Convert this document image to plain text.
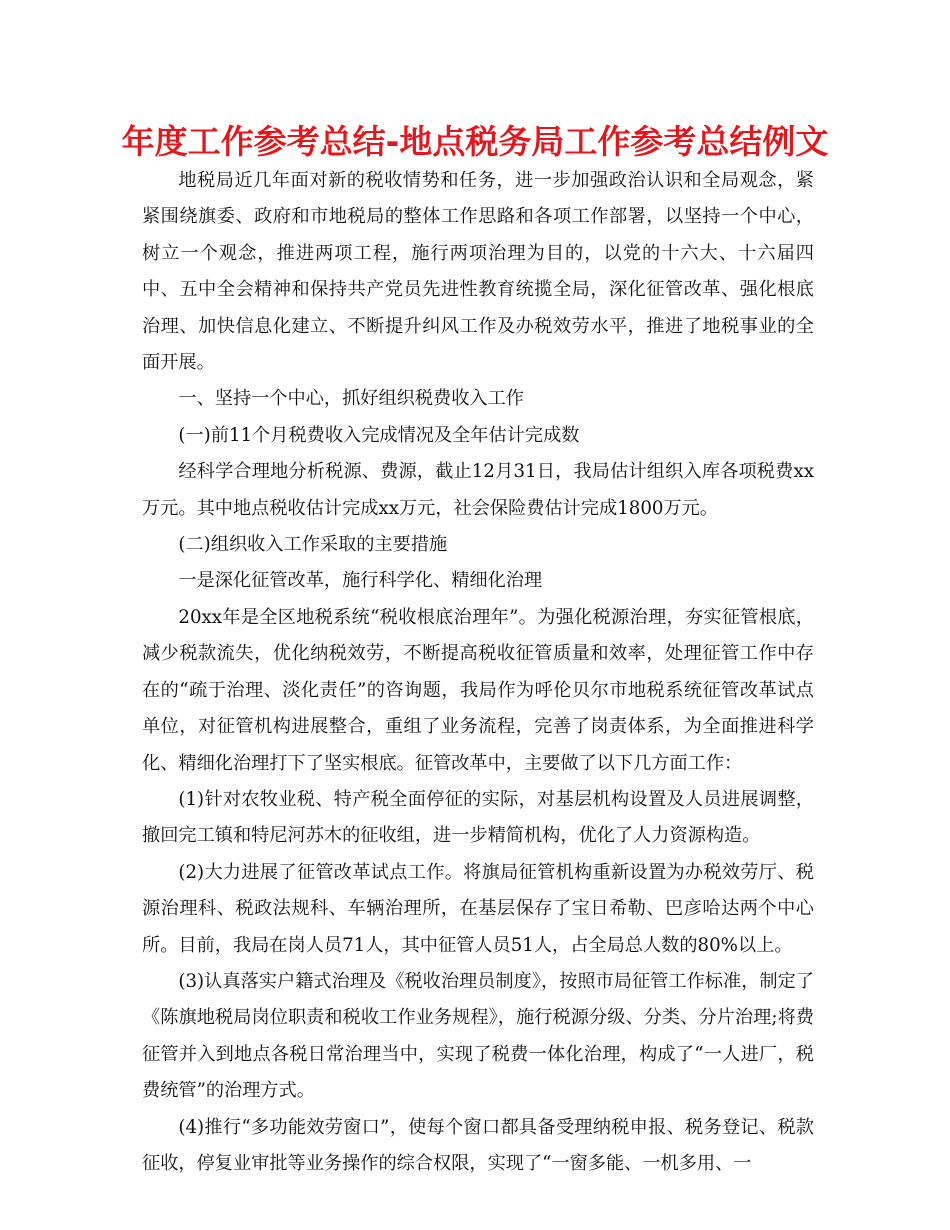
年度工作参考总结-地点税务局工作参考总结例文

地税局近几年面对新的税收情势和任务，进一步加强政治认识和全局观念，紧紧围绕旗委、政府和市地税局的整体工作思路和各项工作部署，以坚持一个中心，树立一个观念，推进两项工程，施行两项治理为目的，以党的十六大、十六届四中、五中全会精神和保持共产党员先进性教育统揽全局，深化征管改革、强化根底治理、加快信息化建立、不断提升纠风工作及办税效劳水平，推进了地税事业的全面开展。

一、坚持一个中心，抓好组织税费收入工作

(一)前11个月税费收入完成情况及全年估计完成数

经科学合理地分析税源、费源，截止12月31日，我局估计组织入库各项税费xx万元。其中地点税收估计完成xx万元，社会保险费估计完成1800万元。

(二)组织收入工作采取的主要措施

一是深化征管改革，施行科学化、精细化治理

20xx年是全区地税系统“税收根底治理年”。为强化税源治理，夯实征管根底，减少税款流失，优化纳税效劳，不断提高税收征管质量和效率，处理征管工作中存在的“疏于治理、淡化责任”的咨询题，我局作为呼伦贝尔市地税系统征管改革试点单位，对征管机构进展整合，重组了业务流程，完善了岗责体系，为全面推进科学化、精细化治理打下了坚实根底。征管改革中，主要做了以下几方面工作：

(1)针对农牧业税、特产税全面停征的实际，对基层机构设置及人员进展调整，撤回完工镇和特尼河苏木的征收组，进一步精简机构，优化了人力资源构造。

(2)大力进展了征管改革试点工作。将旗局征管机构重新设置为办税效劳厅、税源治理科、税政法规科、车辆治理所，在基层保存了宝日希勒、巴彦哈达两个中心所。目前，我局在岗人员71人，其中征管人员51人，占全局总人数的80%以上。

(3)认真落实户籍式治理及《税收治理员制度》，按照市局征管工作标准，制定了《陈旗地税局岗位职责和税收工作业务规程》，施行税源分级、分类、分片治理;将费征管并入到地点各税日常治理当中，实现了税费一体化治理，构成了“一人进厂，税费统管”的治理方式。

(4)推行“多功能效劳窗口”，使每个窗口都具备受理纳税申报、税务登记、税款征收，停复业审批等业务操作的综合权限，实现了“一窗多能、一机多用、一
